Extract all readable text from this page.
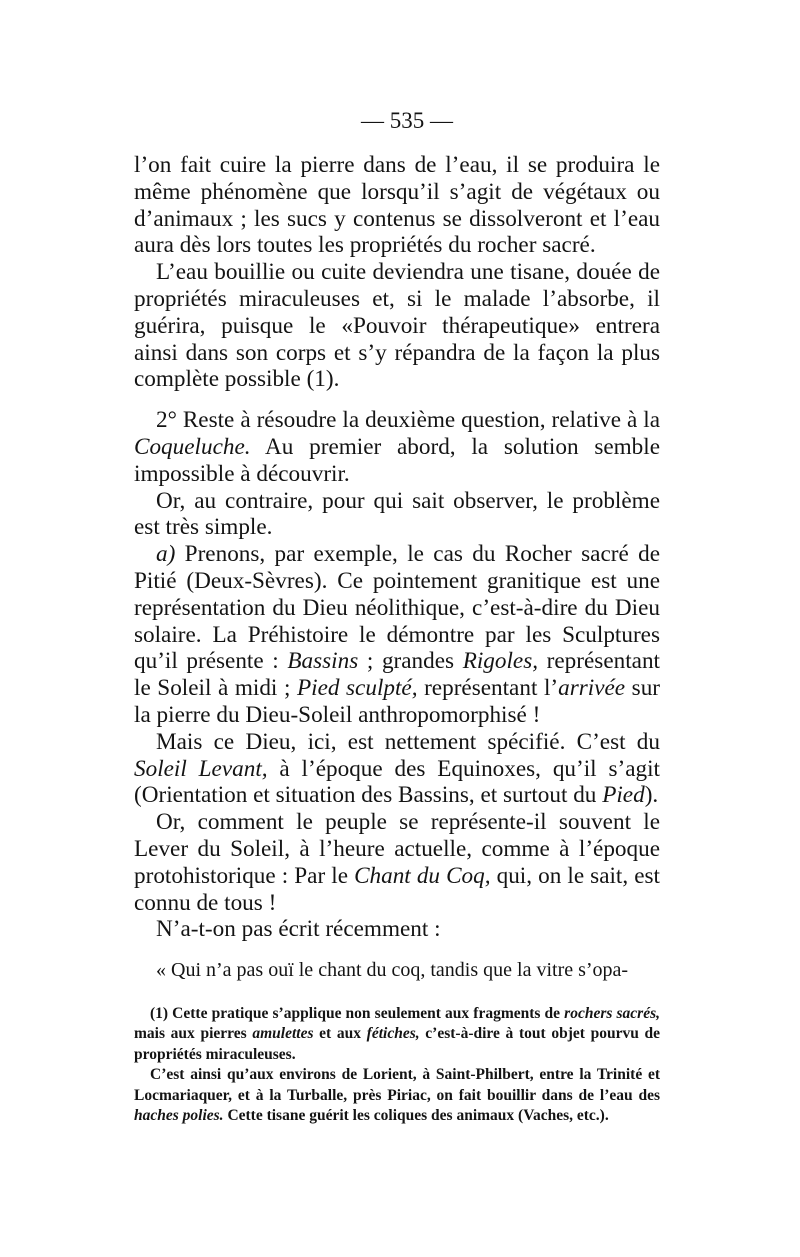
— 535 —

l’on fait cuire la pierre dans de l’eau, il se produira le même phénomène que lorsqu’il s’agit de végétaux ou d’animaux ; les sucs y contenus se dissolveront et l’eau aura dès lors toutes les propriétés du rocher sacré.

L’eau bouillie ou cuite deviendra une tisane, douée de propriétés miraculeuses et, si le malade l’absorbe, il guérira, puisque le «Pouvoir thérapeutique» entrera ainsi dans son corps et s’y répandra de la façon la plus complète possible (1).

2° Reste à résoudre la deuxième question, relative à la Coqueluche. Au premier abord, la solution semble impossible à découvrir.

Or, au contraire, pour qui sait observer, le problème est très simple.

a) Prenons, par exemple, le cas du Rocher sacré de Pitié (Deux-Sèvres). Ce pointement granitique est une représentation du Dieu néolithique, c’est-à-dire du Dieu solaire. La Préhistoire le démontre par les Sculptures qu’il présente : Bassins ; grandes Rigoles, représentant le Soleil à midi ; Pied sculpté, représentant l’arrivée sur la pierre du Dieu-Soleil anthropomorphisé !

Mais ce Dieu, ici, est nettement spécifié. C’est du Soleil Levant, à l’époque des Equinoxes, qu’il s’agit (Orientation et situation des Bassins, et surtout du Pied).

Or, comment le peuple se représente-il souvent le Lever du Soleil, à l’heure actuelle, comme à l’époque protohistorique : Par le Chant du Coq, qui, on le sait, est connu de tous !

N’a-t-on pas écrit récemment :

« Qui n’a pas ouï le chant du coq, tandis que la vitre s’opa-

(1) Cette pratique s’applique non seulement aux fragments de rochers sacrés, mais aux pierres amulettes et aux fétiches, c’est-à-dire à tout objet pourvu de propriétés miraculeuses.

C’est ainsi qu’aux environs de Lorient, à Saint-Philbert, entre la Trinité et Locmariaquer, et à la Turballe, près Piriac, on fait bouillir dans de l’eau des haches polies. Cette tisane guérit les coliques des animaux (Vaches, etc.).
